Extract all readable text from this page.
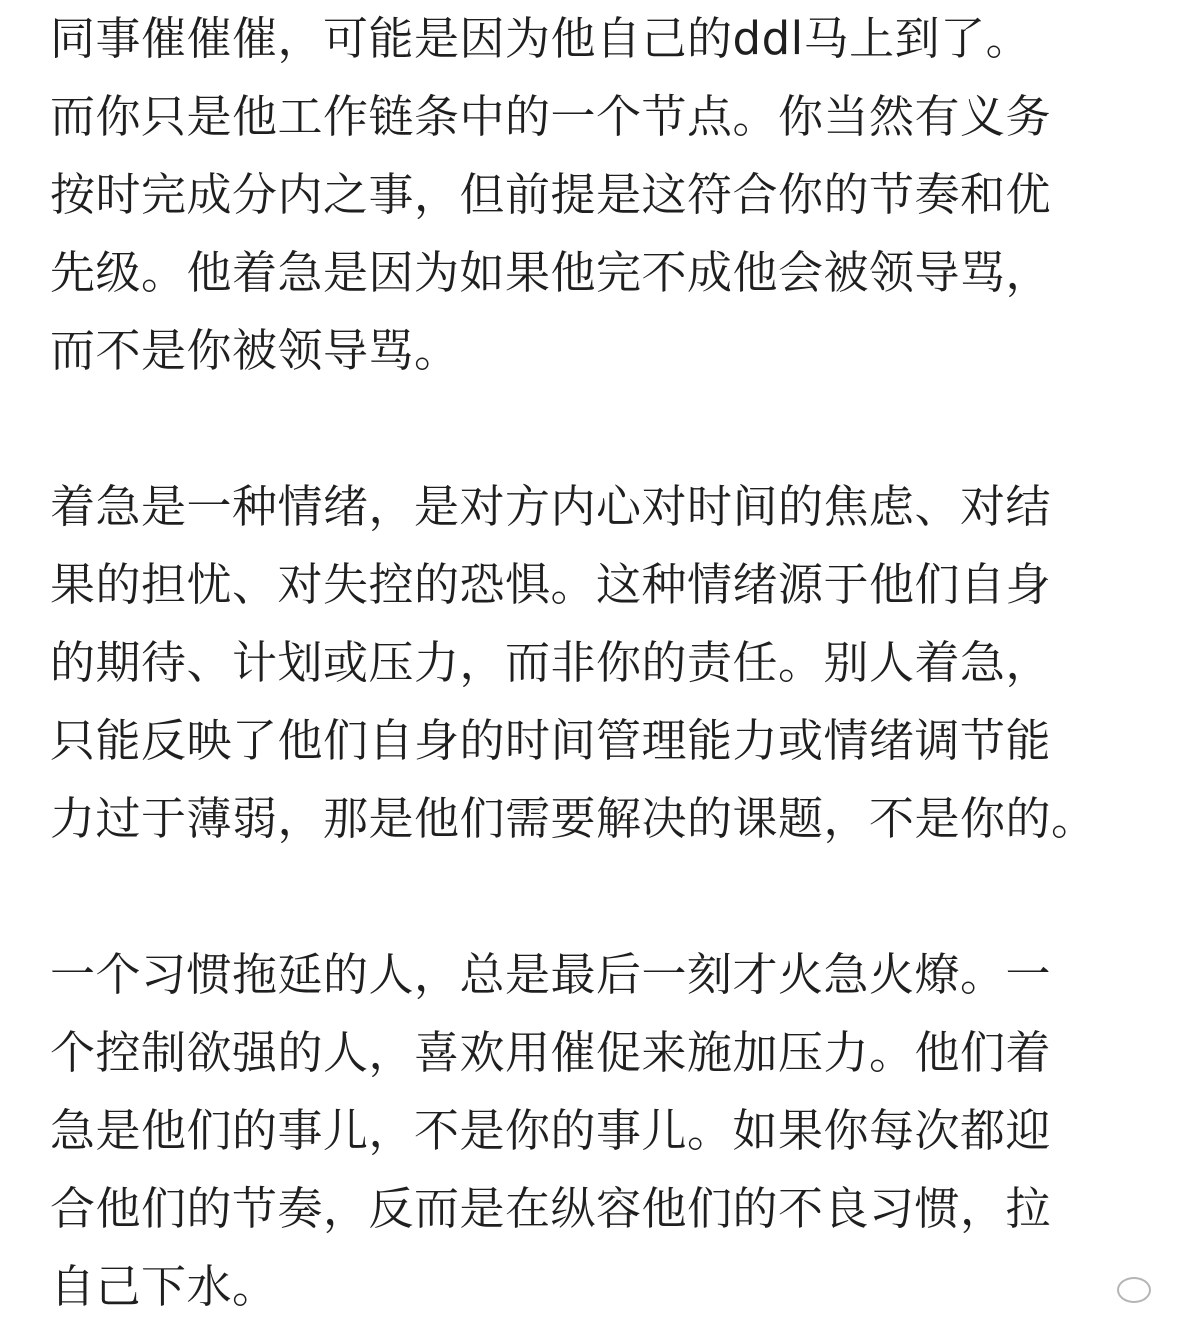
同事催催催，可能是因为他自己的ddl马上到了。
而你只是他工作链条中的一个节点。你当然有义务
按时完成分内之事，但前提是这符合你的节奏和优
先级。他着急是因为如果他完不成他会被领导骂，
而不是你被领导骂。

着急是一种情绪，是对方内心对时间的焦虑、对结
果的担忧、对失控的恐惧。这种情绪源于他们自身
的期待、计划或压力，而非你的责任。别人着急，
只能反映了他们自身的时间管理能力或情绪调节能
力过于薄弱，那是他们需要解决的课题，不是你的。

一个习惯拖延的人，总是最后一刻才火急火燎。一
个控制欲强的人，喜欢用催促来施加压力。他们着
急是他们的事儿，不是你的事儿。如果你每次都迎
合他们的节奏，反而是在纵容他们的不良习惯，拉
自己下水。
